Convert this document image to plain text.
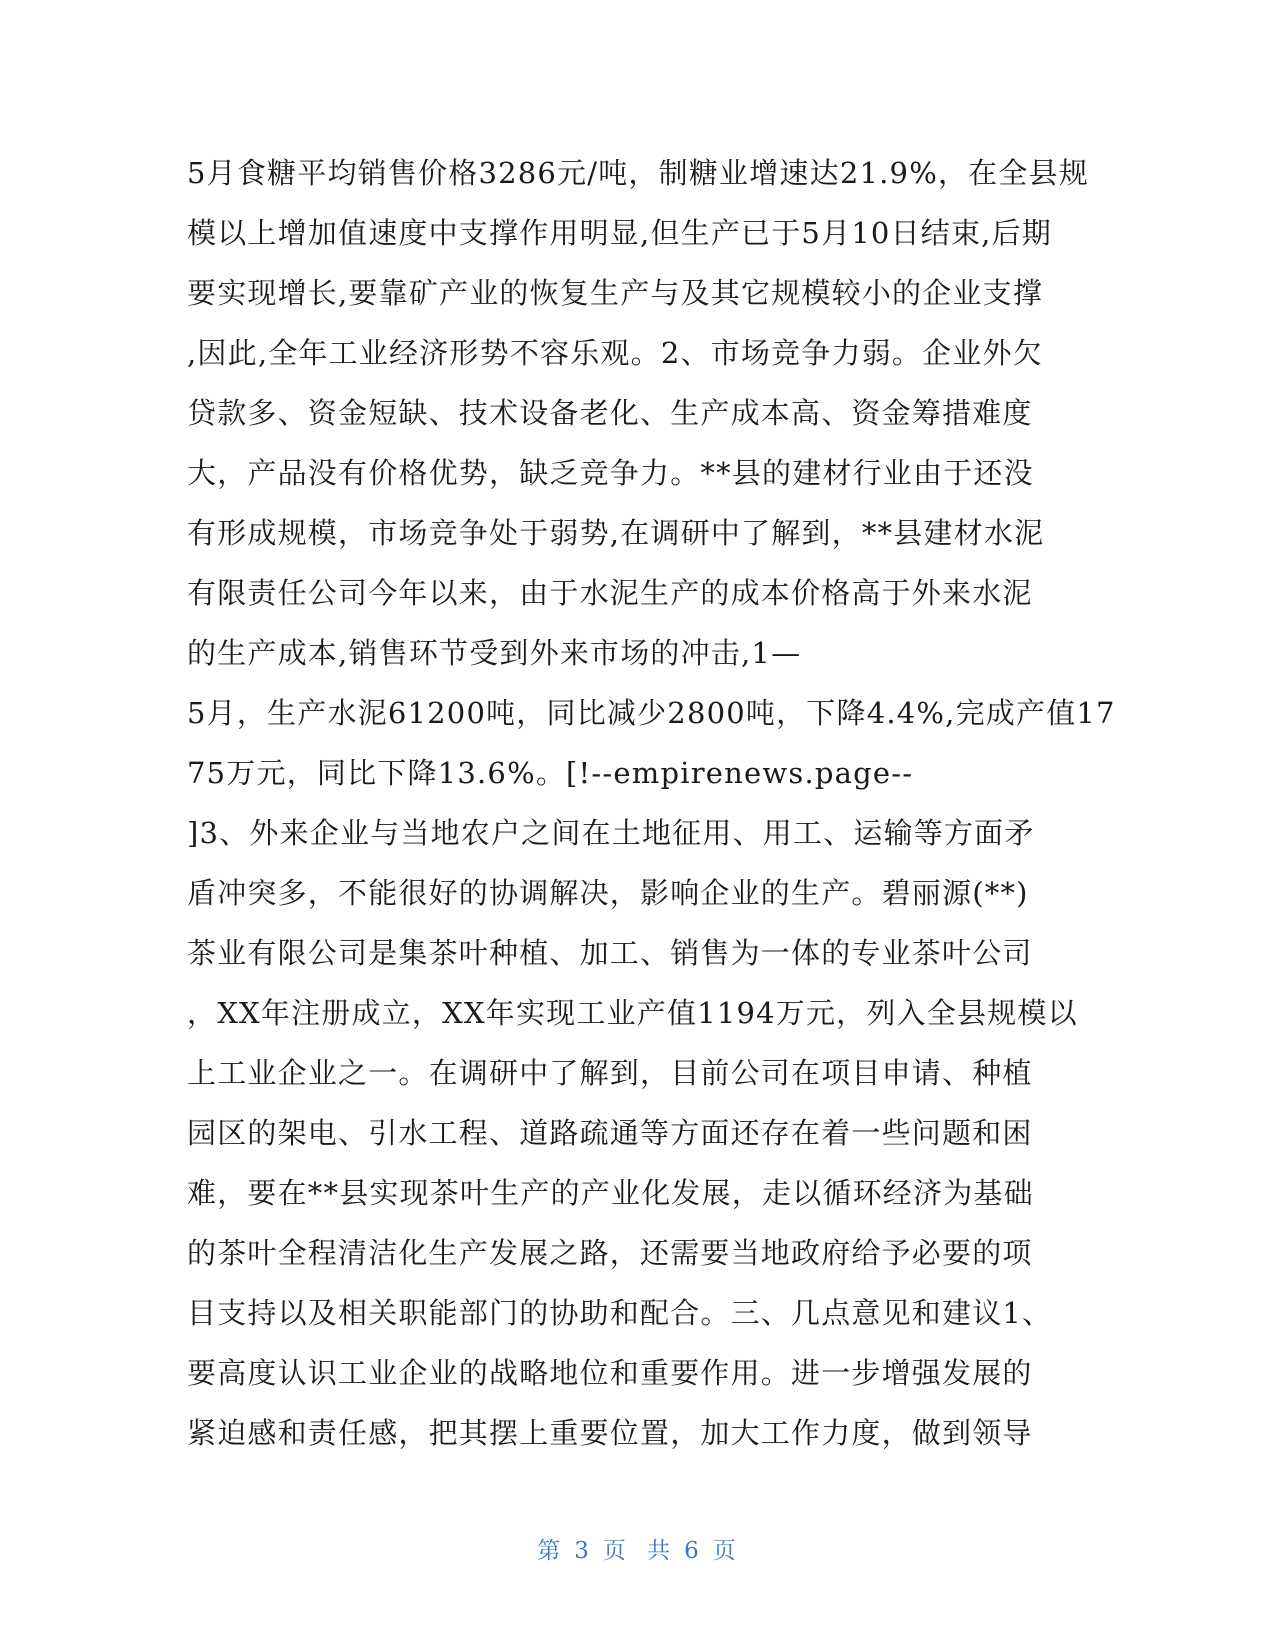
5月食糖平均销售价格3286元/吨，制糖业增速达21.9%，在全县规
模以上增加值速度中支撑作用明显,但生产已于5月10日结束,后期
要实现增长,要靠矿产业的恢复生产与及其它规模较小的企业支撑
,因此,全年工业经济形势不容乐观。2、市场竞争力弱。企业外欠
贷款多、资金短缺、技术设备老化、生产成本高、资金筹措难度
大，产品没有价格优势，缺乏竞争力。**县的建材行业由于还没
有形成规模，市场竞争处于弱势,在调研中了解到，**县建材水泥
有限责任公司今年以来，由于水泥生产的成本价格高于外来水泥
的生产成本,销售环节受到外来市场的冲击,1—
5月，生产水泥61200吨，同比减少2800吨，下降4.4%,完成产值17
75万元，同比下降13.6%。[!--empirenews.page--
]3、外来企业与当地农户之间在土地征用、用工、运输等方面矛
盾冲突多，不能很好的协调解决，影响企业的生产。碧丽源(**)
茶业有限公司是集茶叶种植、加工、销售为一体的专业茶叶公司
，XX年注册成立，XX年实现工业产值1194万元，列入全县规模以
上工业企业之一。在调研中了解到，目前公司在项目申请、种植
园区的架电、引水工程、道路疏通等方面还存在着一些问题和困
难，要在**县实现茶叶生产的产业化发展，走以循环经济为基础
的茶叶全程清洁化生产发展之路，还需要当地政府给予必要的项
目支持以及相关职能部门的协助和配合。三、几点意见和建议1、
要高度认识工业企业的战略地位和重要作用。进一步增强发展的
紧迫感和责任感，把其摆上重要位置，加大工作力度，做到领导
第 3 页 共 6 页
